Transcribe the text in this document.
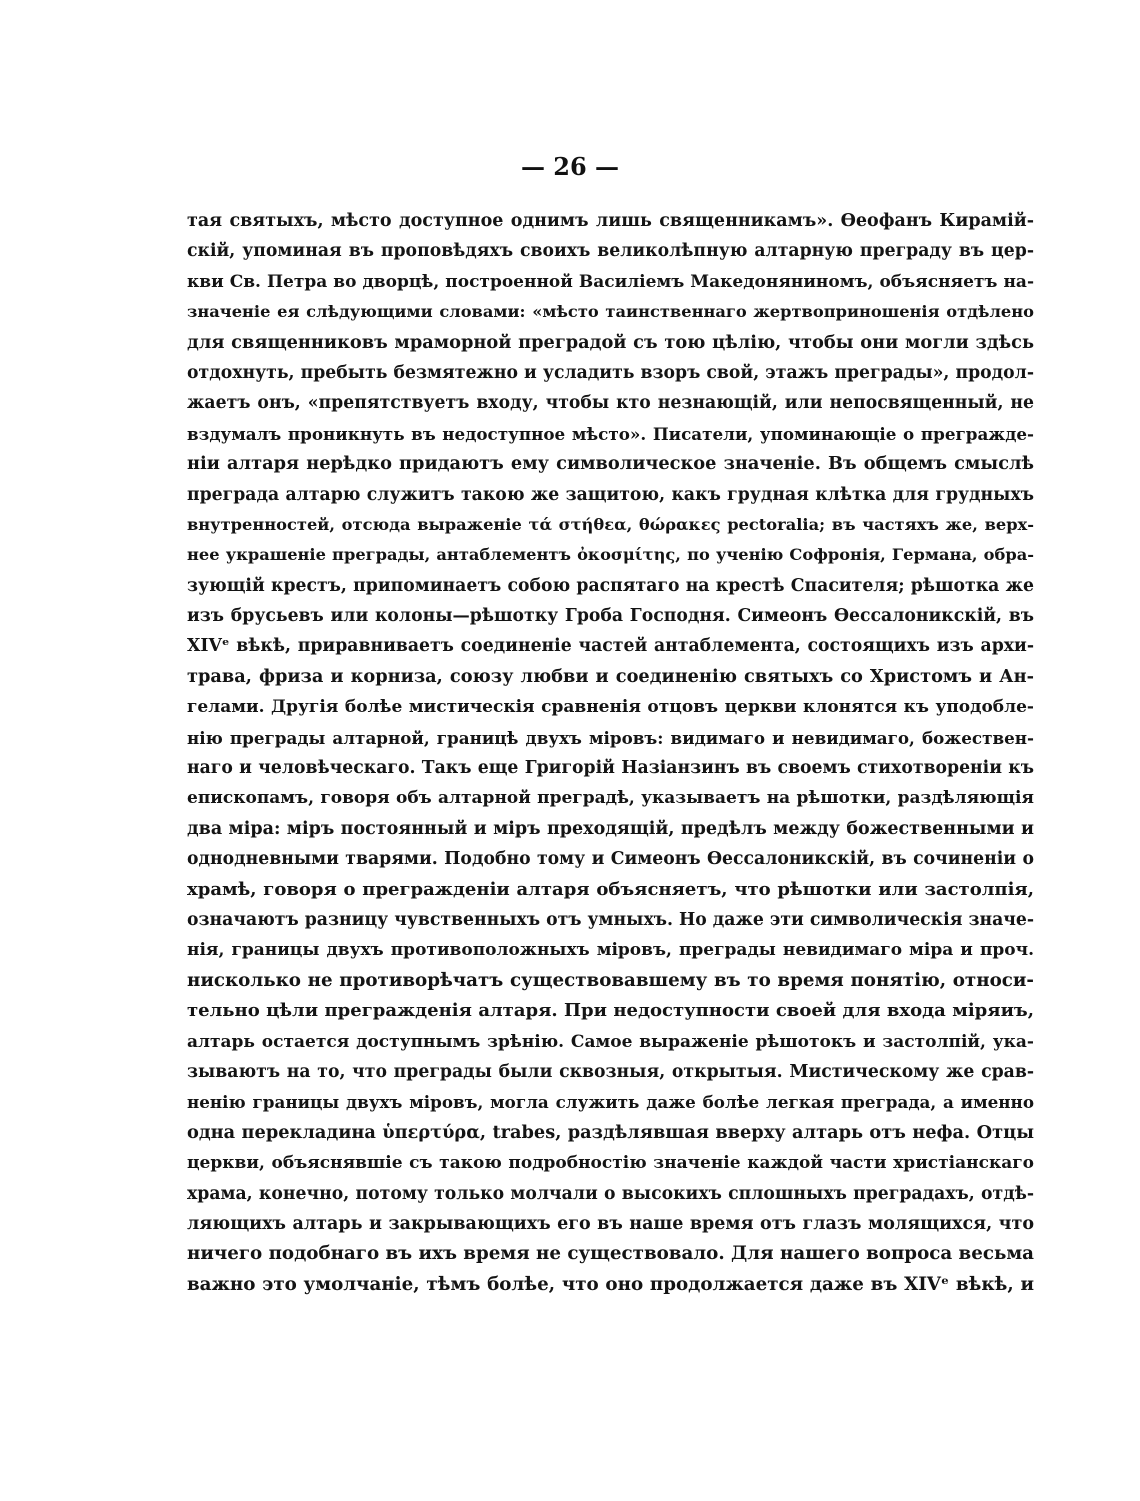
— 26 —
тая святыхъ, мѣсто доступное однимъ лишь священникамъ». Ѳеофанъ Кирамій-
скій, упоминая въ проповѣдяхъ своихъ великолѣпную алтарную преграду въ цер-
кви Св. Петра во дворцѣ, построенной Василіемъ Македоняниномъ, объясняетъ на-
значеніе ея слѣдующими словами: «мѣсто таинственнаго жертвоприношенія отдѣлено
для священниковъ мраморной преградой съ тою цѣлію, чтобы они могли здѣсь
отдохнуть, пребыть безмятежно и усладить взоръ свой, этажъ преграды», продол-
жаетъ онъ, «препятствуетъ входу, чтобы кто незнающій, или непосвященный, не
вздумалъ проникнуть въ недоступное мѣсто». Писатели, упоминающіе о преграждe-
ніи алтаря нерѣдко придаютъ ему символическое значеніе. Въ общемъ смыслѣ
преграда алтарю служитъ такою же защитою, какъ грудная клѣтка для грудныхъ
внутренностей, отсюда выраженіе τά στήθεα, θώρακες pectoralia; въ частяхъ же, верх-
нее украшеніе преграды, антаблементъ ὀκοσμίτης, по ученію Софронія, Германа, обра-
зующій крестъ, припоминаетъ собою распятаго на крестѣ Спасителя; рѣшотка же
изъ брусьевъ или колоны—рѣшотку Гроба Господня. Симеонъ Ѳессалоникскій, въ
XIVᵉ вѣкѣ, приравниваетъ соединеніе частей антаблемента, состоящихъ изъ архи-
трава, фриза и корниза, союзу любви и соединенію святыхъ со Христомъ и Ан-
гелами. Другія болѣе мистическія сравненія отцовъ церкви клонятся къ уподобле-
нію преграды алтарной, границѣ двухъ міровъ: видимаго и невидимаго, божествен-
наго и человѣческаго. Такъ еще Григорій Назіанзинъ въ своемъ стихотвореніи къ
епископамъ, говоря объ алтарной преградѣ, указываетъ на рѣшотки, раздѣляющія
два міра: міръ постоянный и міръ преходящій, предѣлъ между божественными и
однодневными тварями. Подобно тому и Симеонъ Ѳессалоникскій, въ сочиненіи о
храмѣ, говоря о преграждeніи алтаря объясняетъ, что рѣшотки или застолпія,
означаютъ разницу чувственныхъ отъ умныхъ. Но даже эти символическія значе-
нія, границы двухъ противоположныхъ міровъ, преграды невидимаго міра и проч.
нисколько не противорѣчатъ существовавшему въ то время понятію, относи-
тельно цѣли преграждeнія алтаря. При недоступности своей для входа міряиъ,
алтарь остается доступнымъ зрѣнію. Самое выраженіе рѣшотокъ и застолпій, ука-
зываютъ на то, что преграды были сквозныя, открытыя. Мистическому же срав-
ненію границы двухъ міровъ, могла служить даже болѣе легкая преграда, а именно
одна перекладина ὑπερτύρα, trabes, раздѣлявшая вверху алтарь отъ нефа. Отцы
церкви, объяснявшіе съ такою подробностію значеніе каждой части христіанскаго
храма, конечно, потому только молчали о высокихъ сплошныхъ преградахъ, отдѣ-
ляющихъ алтарь и закрывающихъ его въ наше время отъ глазъ молящихся, что
ничего подобнаго въ ихъ время не существовало. Для нашего вопроса весьма
важно это умолчаніе, тѣмъ болѣе, что оно продолжается даже въ XIVᵉ вѣкѣ, и
